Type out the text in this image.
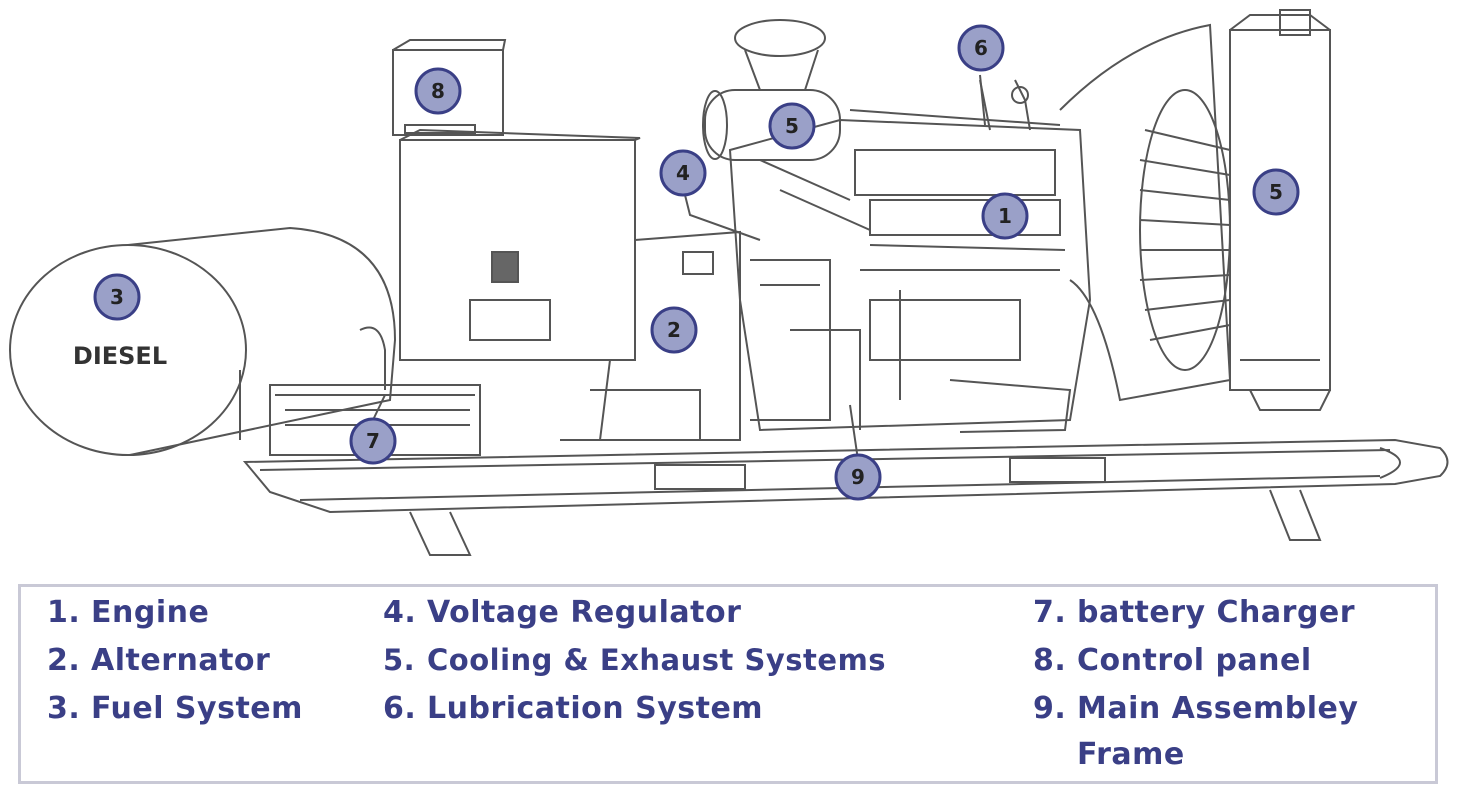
DIESEL
1
2
3
4
5
5
6
7
8
9
1. Engine
2. Alternator
3. Fuel System
4. Voltage Regulator
5. Cooling & Exhaust Systems
6. Lubrication System
7. battery Charger
8. Control panel
9. Main Assembley
Frame
